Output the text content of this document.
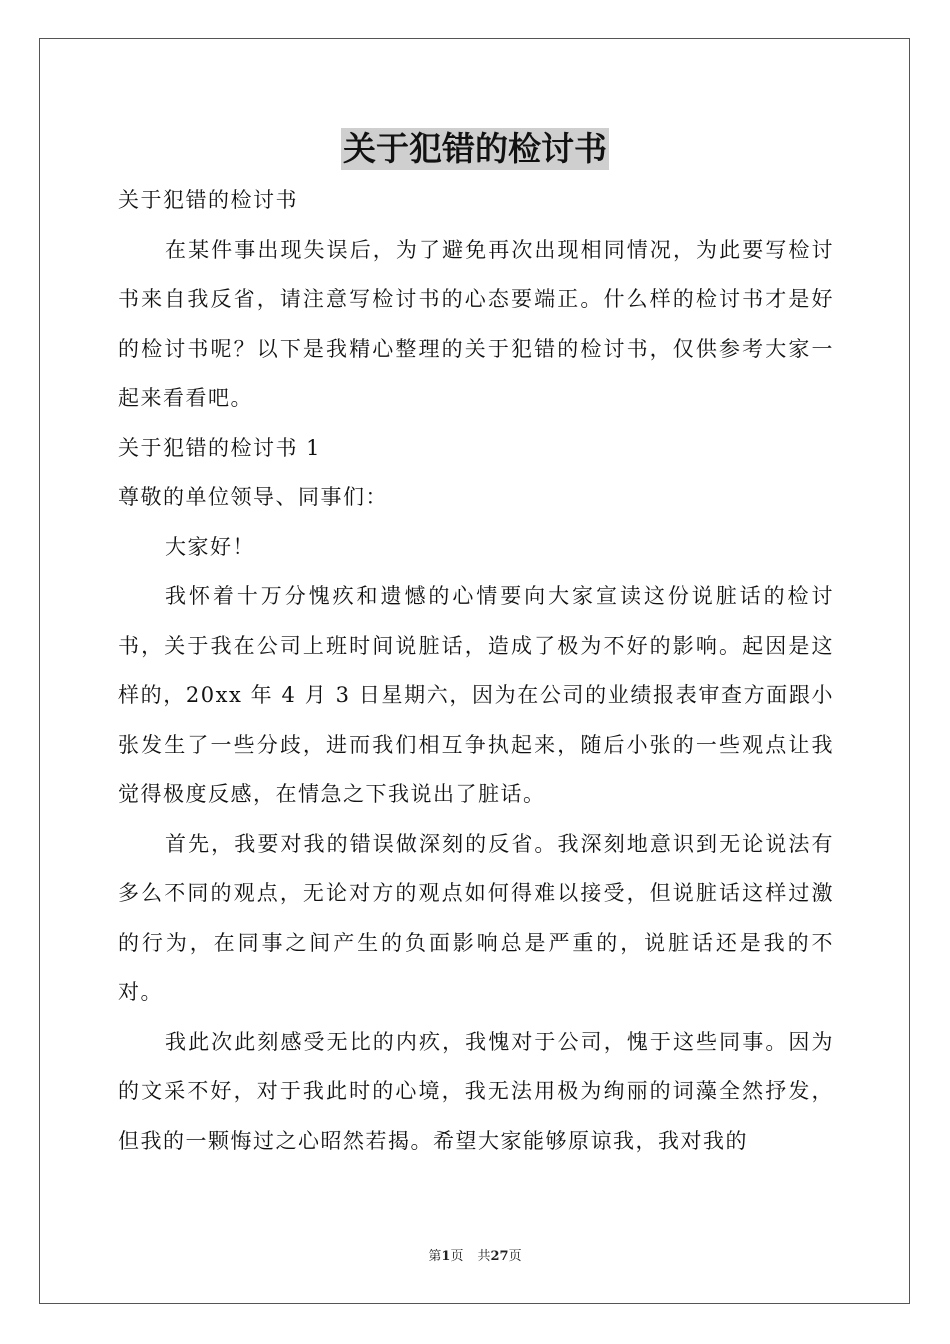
关于犯错的检讨书

关于犯错的检讨书

在某件事出现失误后，为了避免再次出现相同情况，为此要写检讨书来自我反省，请注意写检讨书的心态要端正。什么样的检讨书才是好的检讨书呢？以下是我精心整理的关于犯错的检讨书，仅供参考大家一起来看看吧。

关于犯错的检讨书 1

尊敬的单位领导、同事们：

大家好！

我怀着十万分愧疚和遗憾的心情要向大家宣读这份说脏话的检讨书，关于我在公司上班时间说脏话，造成了极为不好的影响。起因是这样的，20xx 年 4 月 3 日星期六，因为在公司的业绩报表审查方面跟小张发生了一些分歧，进而我们相互争执起来，随后小张的一些观点让我觉得极度反感，在情急之下我说出了脏话。

首先，我要对我的错误做深刻的反省。我深刻地意识到无论说法有多么不同的观点，无论对方的观点如何得难以接受，但说脏话这样过激的行为，在同事之间产生的负面影响总是严重的，说脏话还是我的不对。

我此次此刻感受无比的内疚，我愧对于公司，愧于这些同事。因为的文采不好，对于我此时的心境，我无法用极为绚丽的词藻全然抒发，但我的一颗悔过之心昭然若揭。希望大家能够原谅我，我对我的

第1页 共27页
